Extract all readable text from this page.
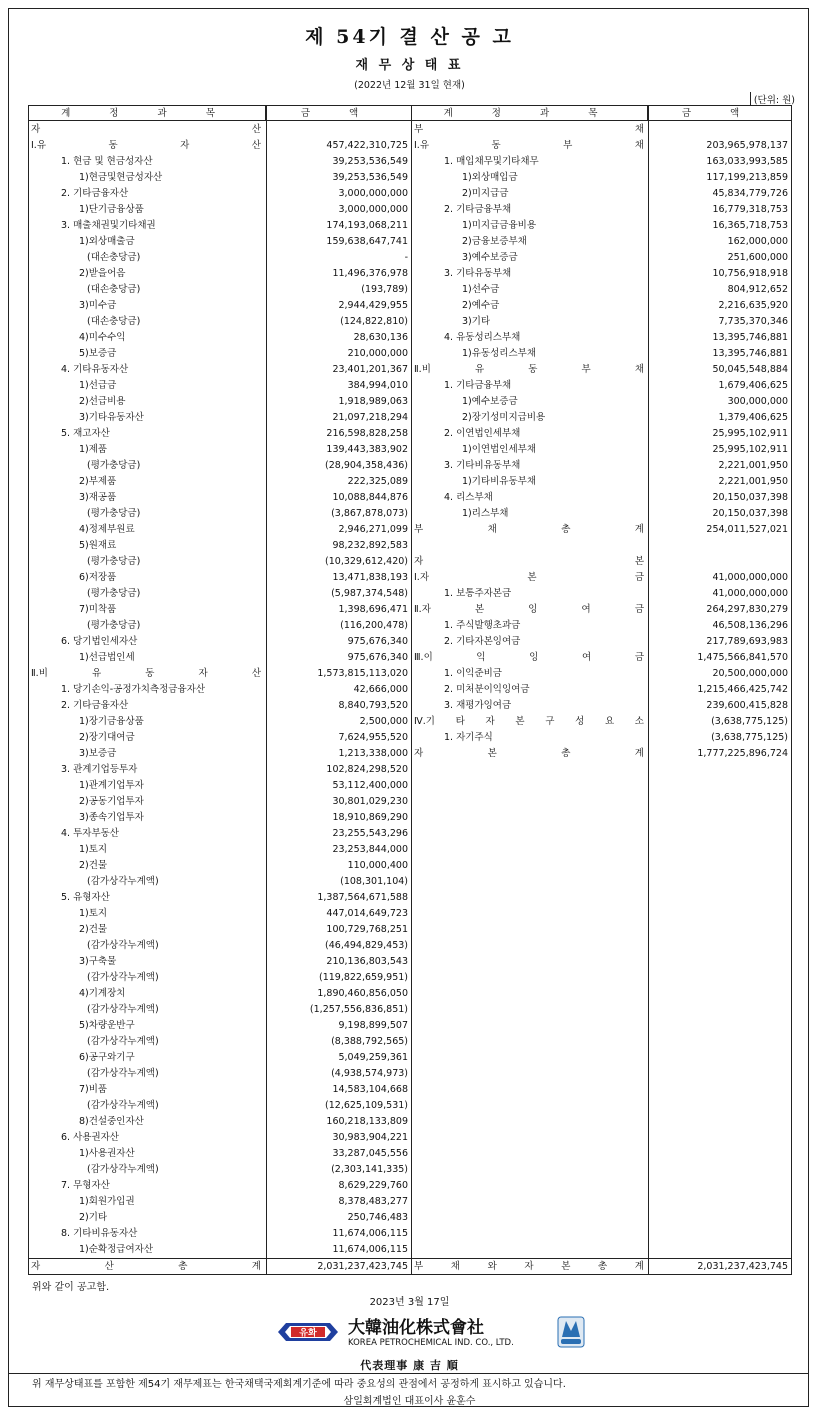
제 54기 결 산 공 고
재 무 상 태 표
(2022년 12월 31일 현재)
(단위: 원)
계 정 과 목	금 액	계 정 과 목	금 액
자	산
Ⅰ.유	동	자	산	457,422,310,725
1. 현금 및 현금성자산	39,253,536,549
1)현금및현금성자산	39,253,536,549
2. 기타금융자산	3,000,000,000
1)단기금융상품	3,000,000,000
3. 매출채권및기타채권	174,193,068,211
1)외상매출금	159,638,647,741
(대손충당금)	-
2)받을어음	11,496,376,978
(대손충당금)	(193,789)
3)미수금	2,944,429,955
(대손충당금)	(124,822,810)
4)미수수익	28,630,136
5)보증금	210,000,000
4. 기타유동자산	23,401,201,367
1)선급금	384,994,010
2)선급비용	1,918,989,063
3)기타유동자산	21,097,218,294
5. 재고자산	216,598,828,258
1)제품	139,443,383,902
(평가충당금)	(28,904,358,436)
2)부제품	222,325,089
3)재공품	10,088,844,876
(평가충당금)	(3,867,878,073)
4)정제부원료	2,946,271,099
5)원재료	98,232,892,583
(평가충당금)	(10,329,612,420)
6)저장품	13,471,838,193
(평가충당금)	(5,987,374,548)
7)미착품	1,398,696,471
(평가충당금)	(116,200,478)
6. 당기법인세자산	975,676,340
1)선급법인세	975,676,340
Ⅱ.비	유	동	자	산	1,573,815,113,020
1. 당기손익-공정가치측정금융자산	42,666,000
2. 기타금융자산	8,840,793,520
1)장기금융상품	2,500,000
2)장기대여금	7,624,955,520
3)보증금	1,213,338,000
3. 관계기업등투자	102,824,298,520
1)관계기업투자	53,112,400,000
2)공동기업투자	30,801,029,230
3)종속기업투자	18,910,869,290
4. 투자부동산	23,255,543,296
1)토지	23,253,844,000
2)건물	110,000,400
(감가상각누계액)	(108,301,104)
5. 유형자산	1,387,564,671,588
1)토지	447,014,649,723
2)건물	100,729,768,251
(감가상각누계액)	(46,494,829,453)
3)구축물	210,136,803,543
(감가상각누계액)	(119,822,659,951)
4)기계장치	1,890,460,856,050
(감가상각누계액)	(1,257,556,836,851)
5)차량운반구	9,198,899,507
(감가상각누계액)	(8,388,792,565)
6)공구와기구	5,049,259,361
(감가상각누계액)	(4,938,574,973)
7)비품	14,583,104,668
(감가상각누계액)	(12,625,109,531)
8)건설중인자산	160,218,133,809
6. 사용권자산	30,983,904,221
1)사용권자산	33,287,045,556
(감가상각누계액)	(2,303,141,335)
7. 무형자산	8,629,229,760
1)회원가입권	8,378,483,277
2)기타	250,746,483
8. 기타비유동자산	11,674,006,115
1)순확정급여자산	11,674,006,115
부	채
Ⅰ.유	동	부	채	203,965,978,137
1. 매입채무및기타채무	163,033,993,585
1)외상매입금	117,199,213,859
2)미지급금	45,834,779,726
2. 기타금융부채	16,779,318,753
1)미지급금융비용	16,365,718,753
2)금융보증부채	162,000,000
3)예수보증금	251,600,000
3. 기타유동부채	10,756,918,918
1)선수금	804,912,652
2)예수금	2,216,635,920
3)기타	7,735,370,346
4. 유동성리스부채	13,395,746,881
1)유동성리스부채	13,395,746,881
Ⅱ.비	유	동	부	채	50,045,548,884
1. 기타금융부채	1,679,406,625
1)예수보증금	300,000,000
2)장기성미지급비용	1,379,406,625
2. 이연법인세부채	25,995,102,911
1)이연법인세부채	25,995,102,911
3. 기타비유동부채	2,221,001,950
1)기타비유동부채	2,221,001,950
4. 리스부채	20,150,037,398
1)리스부채	20,150,037,398
부	채	총	계	254,011,527,021
자	본
Ⅰ.자	본	금	41,000,000,000
1. 보통주자본금	41,000,000,000
Ⅱ.자	본	잉	여	금	264,297,830,279
1. 주식발행초과금	46,508,136,296
2. 기타자본잉여금	217,789,693,983
Ⅲ.이	익	잉	여	금	1,475,566,841,570
1. 이익준비금	20,500,000,000
2. 미처분이익잉여금	1,215,466,425,742
3. 재평가잉여금	239,600,415,828
Ⅳ.기 타 자 본 구 성 요 소	(3,638,775,125)
1. 자기주식	(3,638,775,125)
자	본	총	계	1,777,225,896,724
자	산	총	계	2,031,237,423,745 부	채	와	자	본	총	계	2,031,237,423,745
위와 같이 공고함.
2023년 3월 17일
유화 大韓油化株式會社
KOREA PETROCHEMICAL IND. CO., LTD.
代表理事 康 吉 順
위 재무상태표를 포함한 제54기 재무제표는 한국채택국제회계기준에 따라 중요성의 관점에서 공정하게 표시하고 있습니다.
삼일회계법인 대표이사 윤훈수
